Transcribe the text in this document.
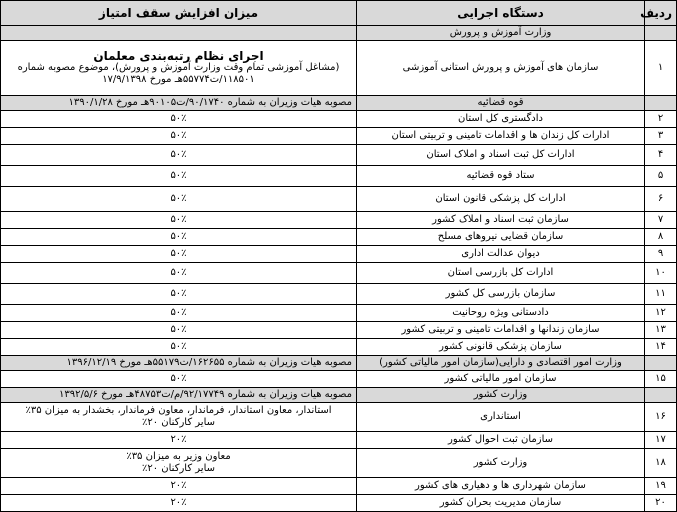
ردیف	دستگاه اجرایی	میزان افزایش سقف امتیاز
	وزارت آموزش و پرورش	
۱	سازمان های آموزش و پرورش استانی آموزشی	اجرای نظام رتبه‌بندی معلمان
(مشاغل آموزشی تمام وقت وزارت آموزش و پرورش)، موضوع مصوبه شماره
۱۱۸۵۰۱/ت۵۵۷۷۴هـ مورخ ۱۷/۹/۱۳۹۸

	قوه قضائیه	مصوبه هیات وزیران به شماره ۹۰/۱۷۴۰/ت۹۰۱۰۵هـ مورخ ۱۳۹۰/۱/۲۸
۲	دادگستری کل استان	۵۰٪
۳	ادارات کل زندان ها و اقدامات تامینی و تربیتی استان	۵۰٪
۴	ادارات کل ثبت اسناد و املاک استان	۵۰٪
۵	ستاد قوه قضائیه	۵۰٪
۶	ادارات کل پزشکی قانون استان	۵۰٪
۷	سازمان ثبت اسناد و املاک کشور	۵۰٪
۸	سازمان قضایی نیروهای مسلح	۵۰٪
۹	دیوان عدالت اداری	۵۰٪
۱۰	ادارات کل بازرسی استان	۵۰٪
۱۱	سازمان بازرسی کل کشور	۵۰٪
۱۲	دادستانی ویژه روحانیت	۵۰٪
۱۳	سازمان زندانها و اقدامات تامینی و تربیتی کشور	۵۰٪
۱۴	سازمان پزشکی قانونی کشور	۵۰٪
	وزارت امور اقتصادی و دارایی(سازمان امور مالیاتی کشور)	مصوبه هیات وزیران به شماره ۱۶۲۶۵۵/ت۵۵۱۷۹هـ مورخ ۱۳۹۶/۱۲/۱۹
۱۵	سازمان امور مالیاتی کشور	۵۰٪
	وزارت کشور	مصوبه هیات وزیران به شماره ۹۲/۱۷۷۴۹/م/ت۴۸۷۵۳هـ مورخ ۱۳۹۲/۵/۶
۱۶	استانداری	استاندار، معاون استاندار، فرماندار، معاون فرماندار، بخشدار به میزان ۳۵٪
سایر کارکنان ۲۰٪

۱۷	سازمان ثبت احوال کشور	۲۰٪
۱۸	وزارت کشور	معاون وزیر به میزان ۳۵٪
سایر کارکنان ۲۰٪

۱۹	سازمان شهرداری ها و دهیاری های کشور	۲۰٪
۲۰	سازمان مدیریت بحران کشور	۲۰٪
